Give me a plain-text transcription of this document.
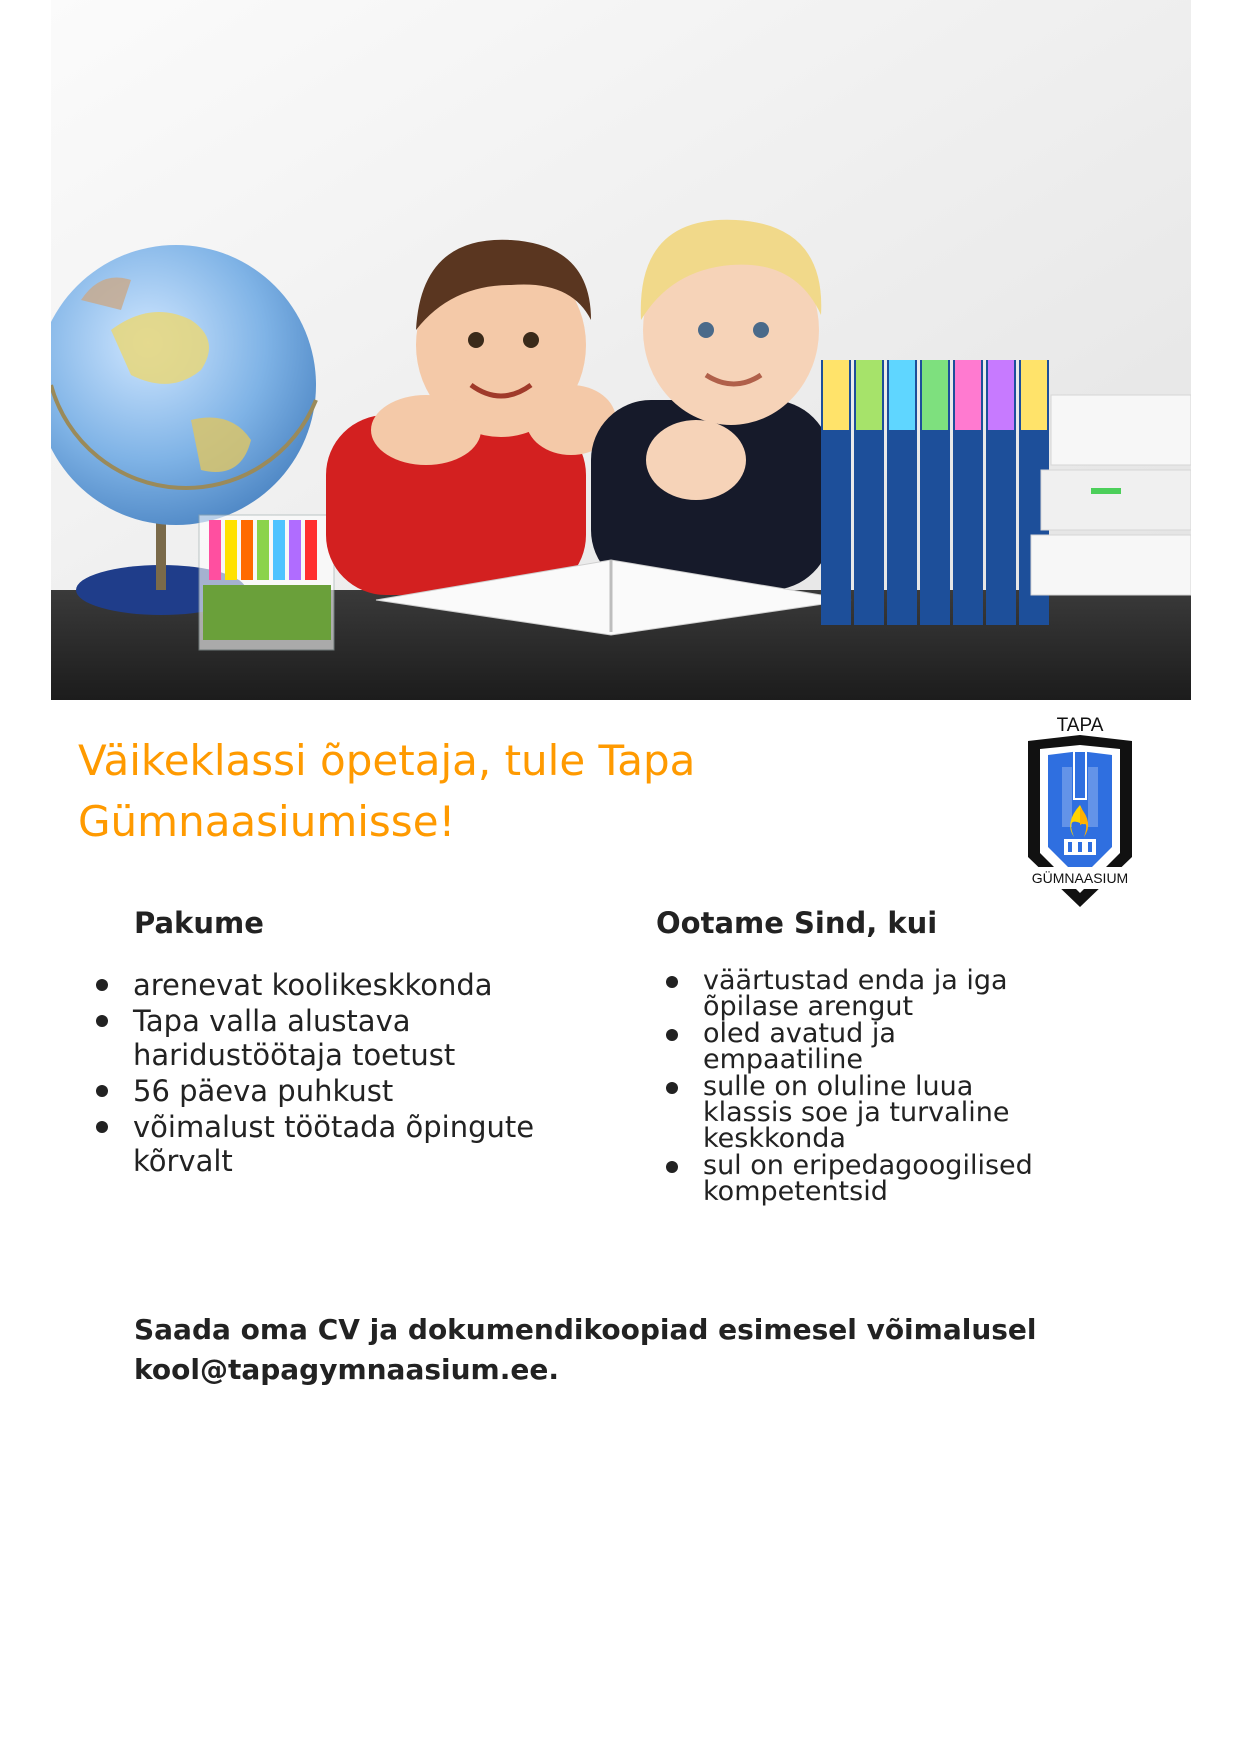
Väikeklassi õpetaja, tule Tapa
Gümnaasiumisse!
TAPA
GÜMNAASIUM
Pakume
arenevat koolikeskkonda
Tapa valla alustava haridustöötaja toetust
56 päeva puhkust
võimalust töötada õpingute kõrvalt
Ootame Sind, kui
väärtustad enda ja iga õpilase arengut
oled avatud ja empaatiline
sulle on oluline luua klassis soe ja turvaline keskkonda
sul on eripedagoogilised kompetentsid
Saada oma CV ja dokumendikoopiad esimesel võimalusel
kool@tapagymnaasium.ee.
